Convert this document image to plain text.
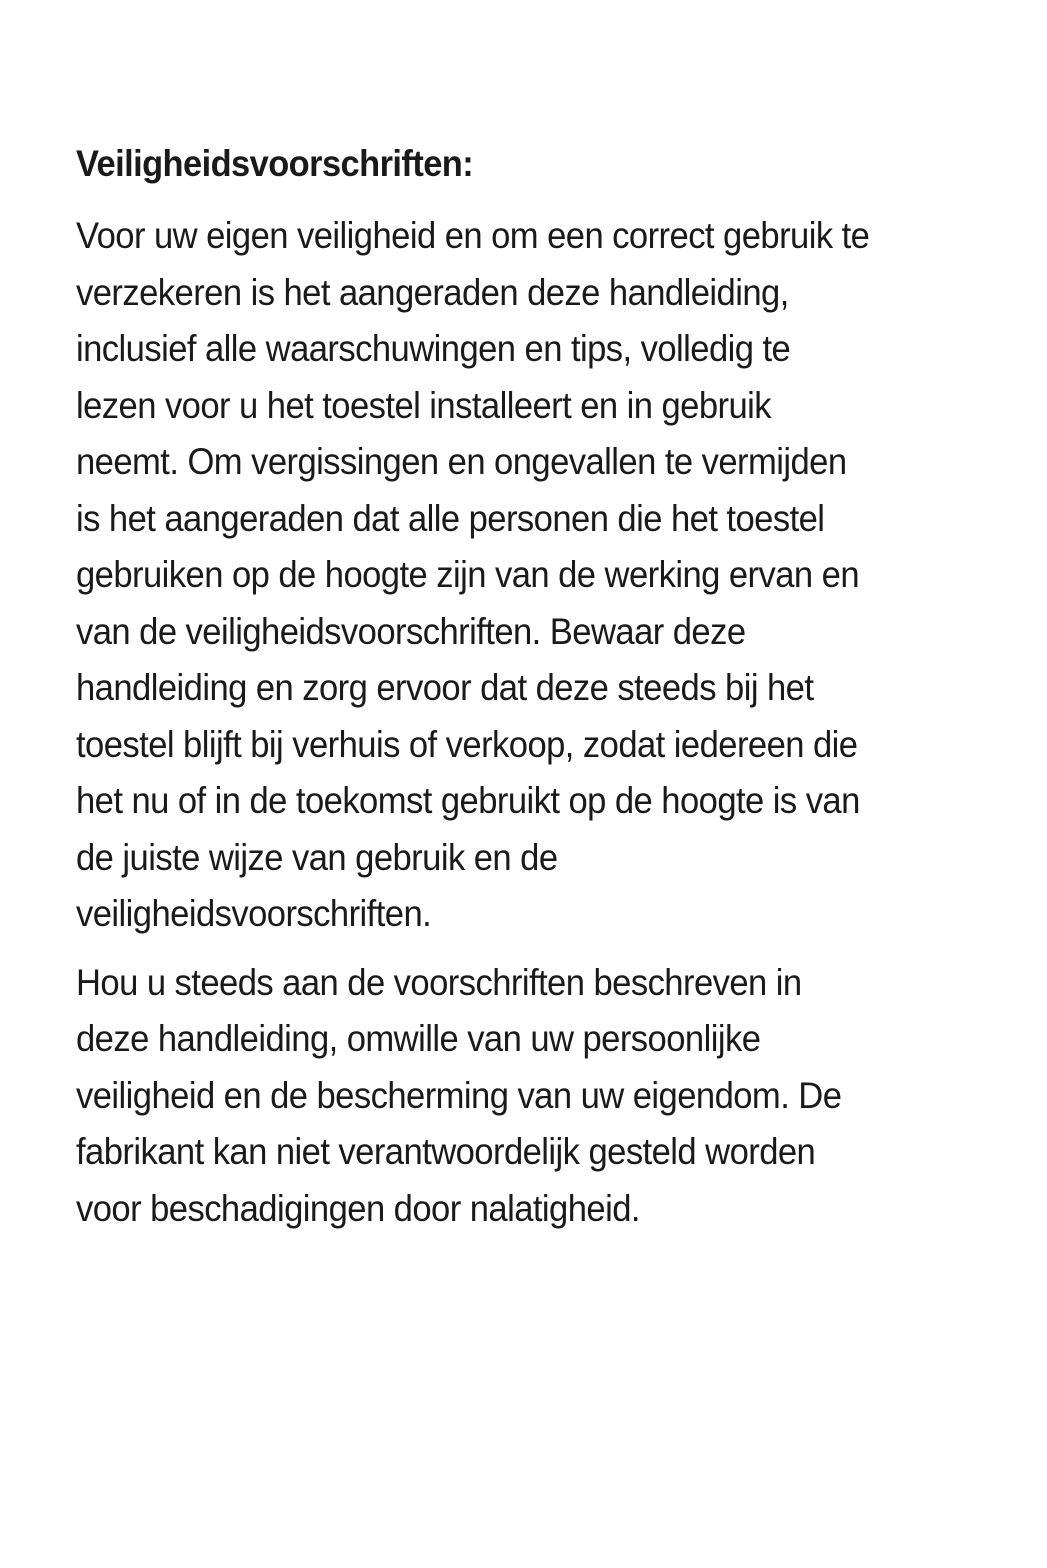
Veiligheidsvoorschriften:

Voor uw eigen veiligheid en om een correct gebruik te
verzekeren is het aangeraden deze handleiding,
inclusief alle waarschuwingen en tips, volledig te
lezen voor u het toestel installeert en in gebruik
neemt. Om vergissingen en ongevallen te vermijden
is het aangeraden dat alle personen die het toestel
gebruiken op de hoogte zijn van de werking ervan en
van de veiligheidsvoorschriften. Bewaar deze
handleiding en zorg ervoor dat deze steeds bij het
toestel blijft bij verhuis of verkoop, zodat iedereen die
het nu of in de toekomst gebruikt op de hoogte is van
de juiste wijze van gebruik en de
veiligheidsvoorschriften.

Hou u steeds aan de voorschriften beschreven in
deze handleiding, omwille van uw persoonlijke
veiligheid en de bescherming van uw eigendom. De
fabrikant kan niet verantwoordelijk gesteld worden
voor beschadigingen door nalatigheid.
